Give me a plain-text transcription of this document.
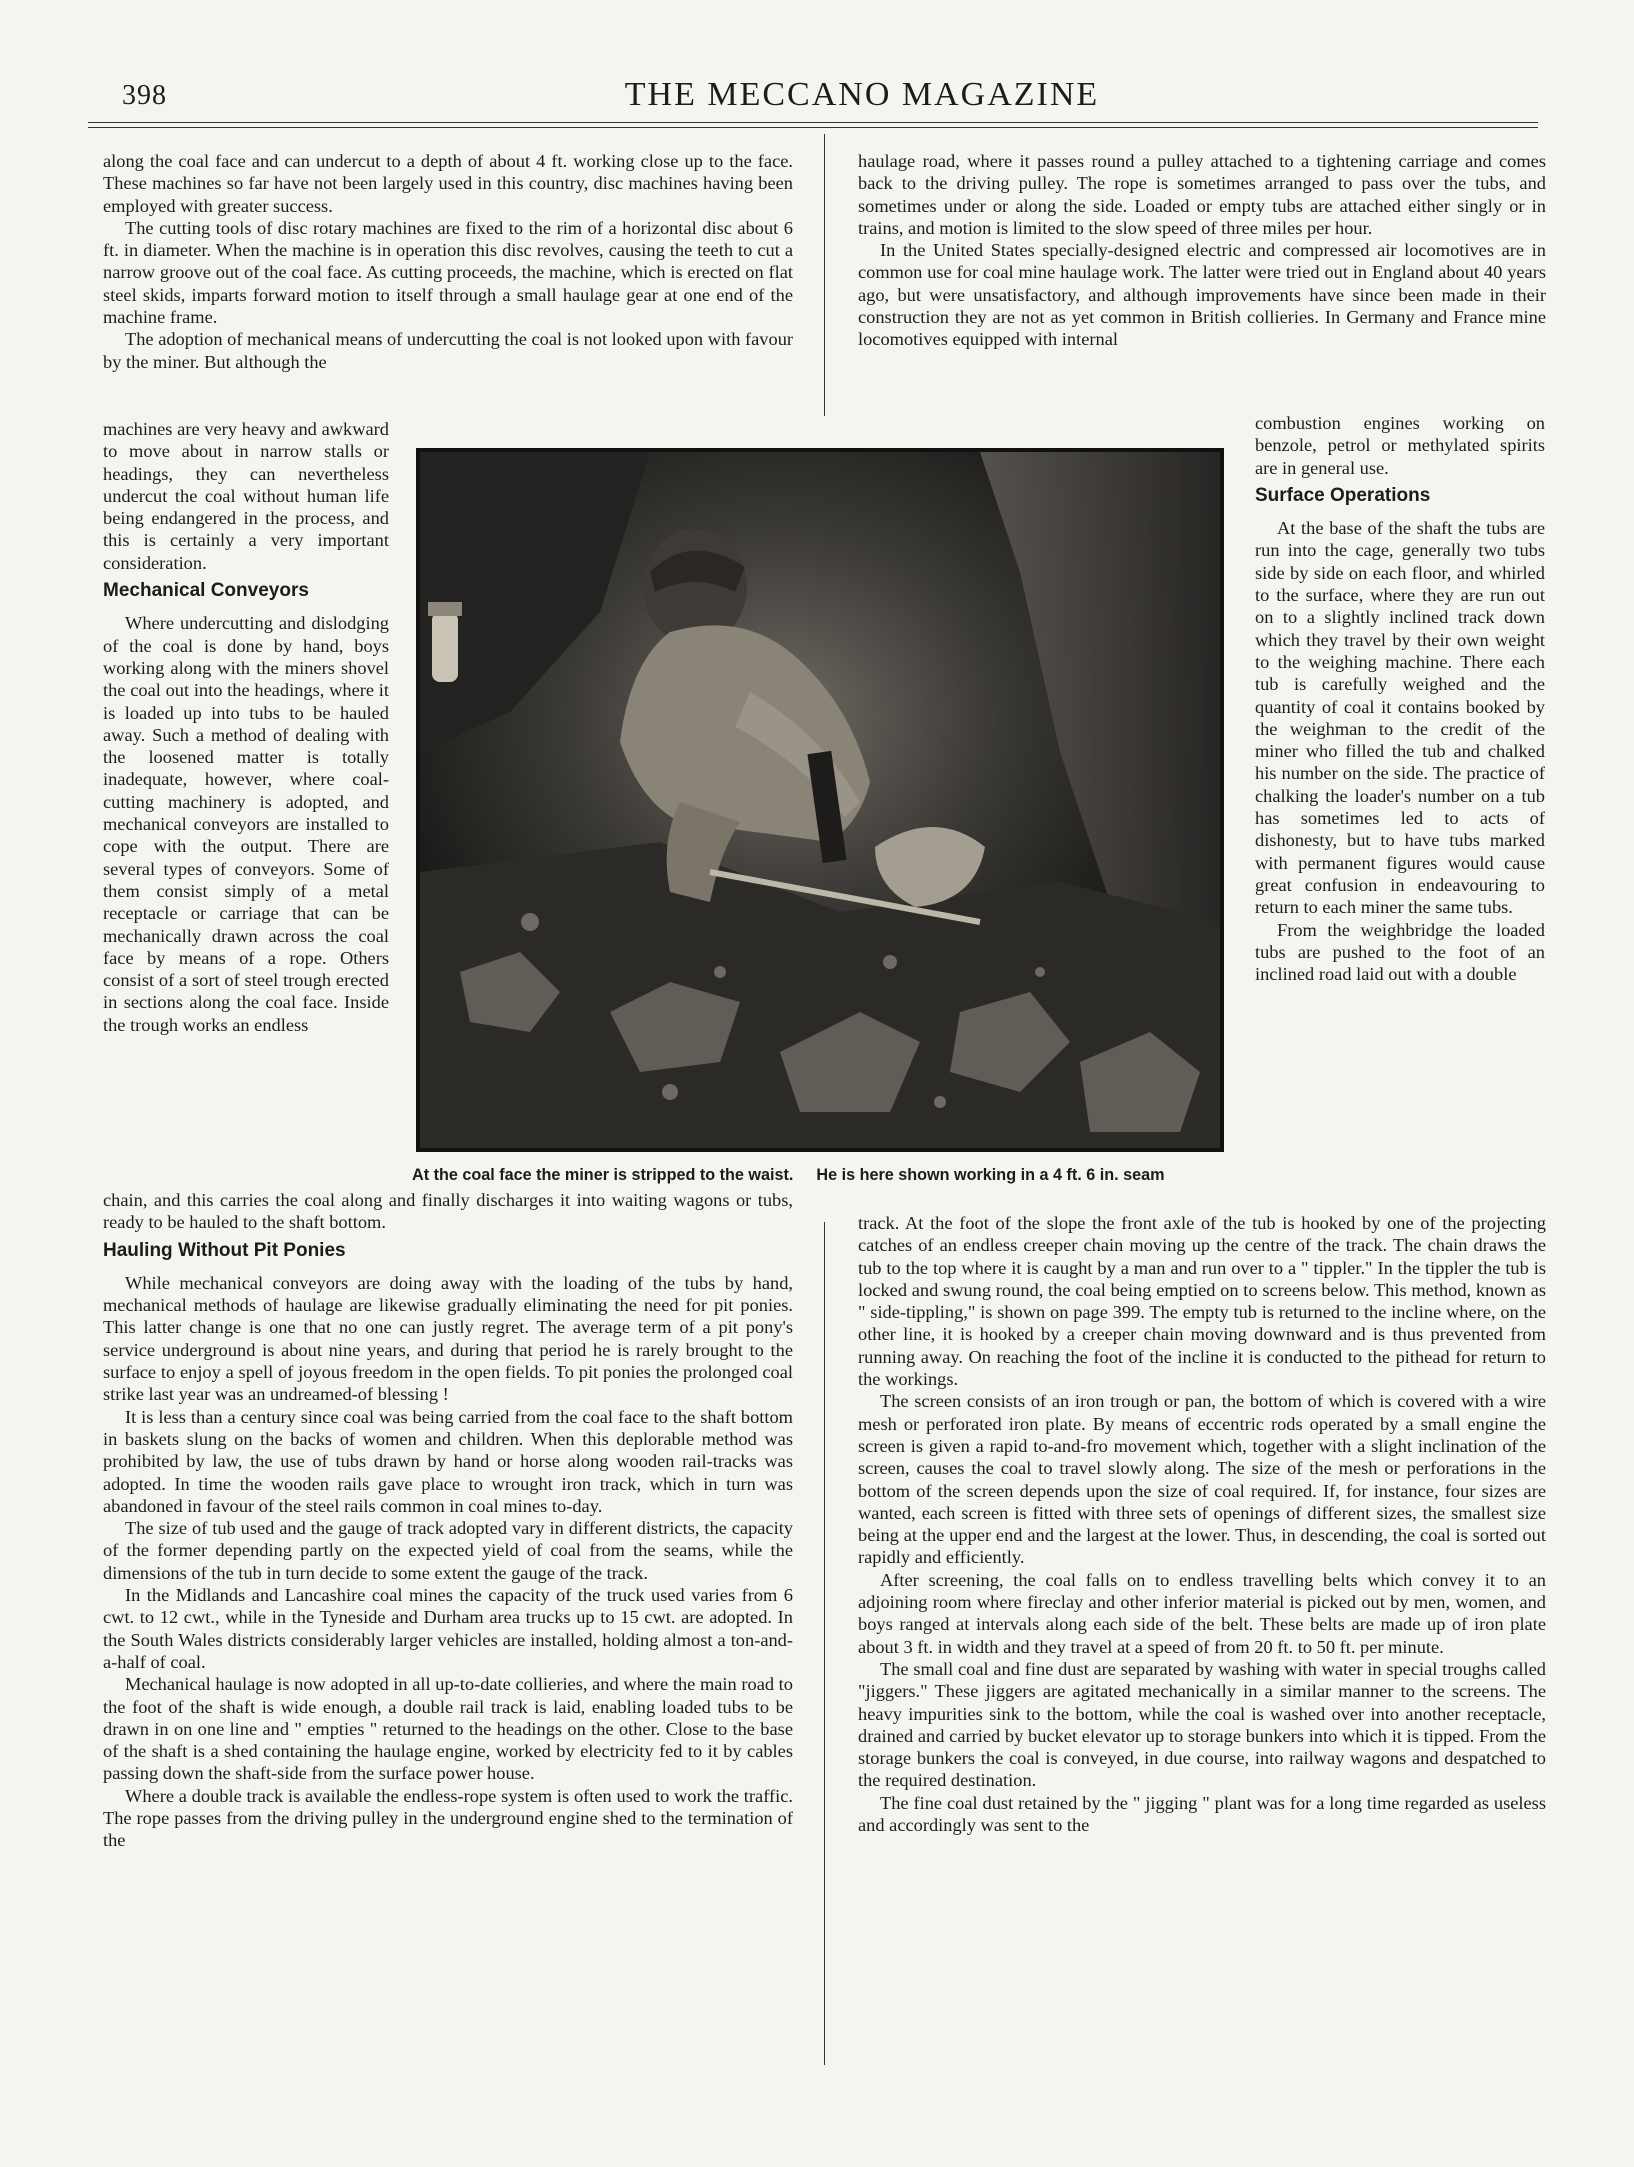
398	THE MECCANO MAGAZINE

along the coal face and can undercut to a depth of about 4 ft. working close up to the face. These machines so far have not been largely used in this country, disc machines having been employed with greater success.

The cutting tools of disc rotary machines are fixed to the rim of a horizontal disc about 6 ft. in diameter. When the machine is in operation this disc revolves, causing the teeth to cut a narrow groove out of the coal face. As cutting proceeds, the machine, which is erected on flat steel skids, imparts forward motion to itself through a small haulage gear at one end of the machine frame.

The adoption of mechanical means of undercutting the coal is not looked upon with favour by the miner. But although the

machines are very heavy and awkward to move about in narrow stalls or headings, they can nevertheless undercut the coal without human life being endangered in the process, and this is certainly a very important consideration.

Mechanical Conveyors

Where undercutting and dislodging of the coal is done by hand, boys working along with the miners shovel the coal out into the headings, where it is loaded up into tubs to be hauled away. Such a method of dealing with the loosened matter is totally inadequate, however, where coal-cutting machinery is adopted, and mechanical conveyors are installed to cope with the output. There are several types of conveyors. Some of them consist simply of a metal receptacle or carriage that can be mechanically drawn across the coal face by means of a rope. Others consist of a sort of steel trough erected in sections along the coal face. Inside the trough works an endless

chain, and this carries the coal along and finally discharges it into waiting wagons or tubs, ready to be hauled to the shaft bottom.

Hauling Without Pit Ponies

While mechanical conveyors are doing away with the loading of the tubs by hand, mechanical methods of haulage are likewise gradually eliminating the need for pit ponies. This latter change is one that no one can justly regret. The average term of a pit pony's service underground is about nine years, and during that period he is rarely brought to the surface to enjoy a spell of joyous freedom in the open fields. To pit ponies the prolonged coal strike last year was an undreamed-of blessing !

It is less than a century since coal was being carried from the coal face to the shaft bottom in baskets slung on the backs of women and children. When this deplorable method was prohibited by law, the use of tubs drawn by hand or horse along wooden rail-tracks was adopted. In time the wooden rails gave place to wrought iron track, which in turn was abandoned in favour of the steel rails common in coal mines to-day.

The size of tub used and the gauge of track adopted vary in different districts, the capacity of the former depending partly on the expected yield of coal from the seams, while the dimensions of the tub in turn decide to some extent the gauge of the track.

In the Midlands and Lancashire coal mines the capacity of the truck used varies from 6 cwt. to 12 cwt., while in the Tyneside and Durham area trucks up to 15 cwt. are adopted. In the South Wales districts considerably larger vehicles are installed, holding almost a ton-and-a-half of coal.

Mechanical haulage is now adopted in all up-to-date collieries, and where the main road to the foot of the shaft is wide enough, a double rail track is laid, enabling loaded tubs to be drawn in on one line and " empties " returned to the headings on the other. Close to the base of the shaft is a shed containing the haulage engine, worked by electricity fed to it by cables passing down the shaft-side from the surface power house.

Where a double track is available the endless-rope system is often used to work the traffic. The rope passes from the driving pulley in the underground engine shed to the termination of the

haulage road, where it passes round a pulley attached to a tightening carriage and comes back to the driving pulley. The rope is sometimes arranged to pass over the tubs, and sometimes under or along the side. Loaded or empty tubs are attached either singly or in trains, and motion is limited to the slow speed of three miles per hour.

In the United States specially-designed electric and compressed air locomotives are in common use for coal mine haulage work. The latter were tried out in England about 40 years ago, but were unsatisfactory, and although improvements have since been made in their construction they are not as yet common in British collieries. In Germany and France mine locomotives equipped with internal

combustion engines working on benzole, petrol or methylated spirits are in general use.

Surface Operations

At the base of the shaft the tubs are run into the cage, generally two tubs side by side on each floor, and whirled to the surface, where they are run out on to a slightly inclined track down which they travel by their own weight to the weighing machine. There each tub is carefully weighed and the quantity of coal it contains booked by the weighman to the credit of the miner who filled the tub and chalked his number on the side. The practice of chalking the loader's number on a tub has sometimes led to acts of dishonesty, but to have tubs marked with permanent figures would cause great confusion in endeavouring to return to each miner the same tubs.

From the weighbridge the loaded tubs are pushed to the foot of an inclined road laid out with a double

track. At the foot of the slope the front axle of the tub is hooked by one of the projecting catches of an endless creeper chain moving up the centre of the track. The chain draws the tub to the top where it is caught by a man and run over to a " tippler." In the tippler the tub is locked and swung round, the coal being emptied on to screens below. This method, known as " side-tippling," is shown on page 399. The empty tub is returned to the incline where, on the other line, it is hooked by a creeper chain moving downward and is thus prevented from running away. On reaching the foot of the incline it is conducted to the pithead for return to the workings.

The screen consists of an iron trough or pan, the bottom of which is covered with a wire mesh or perforated iron plate. By means of eccentric rods operated by a small engine the screen is given a rapid to-and-fro movement which, together with a slight inclination of the screen, causes the coal to travel slowly along. The size of the mesh or perforations in the bottom of the screen depends upon the size of coal required. If, for instance, four sizes are wanted, each screen is fitted with three sets of openings of different sizes, the smallest size being at the upper end and the largest at the lower. Thus, in descending, the coal is sorted out rapidly and efficiently.

After screening, the coal falls on to endless travelling belts which convey it to an adjoining room where fireclay and other inferior material is picked out by men, women, and boys ranged at intervals along each side of the belt. These belts are made up of iron plate about 3 ft. in width and they travel at a speed of from 20 ft. to 50 ft. per minute.

The small coal and fine dust are separated by washing with water in special troughs called "jiggers." These jiggers are agitated mechanically in a similar manner to the screens. The heavy impurities sink to the bottom, while the coal is washed over into another receptacle, drained and carried by bucket elevator up to storage bunkers into which it is tipped. From the storage bunkers the coal is conveyed, in due course, into railway wagons and despatched to the required destination.

The fine coal dust retained by the " jigging " plant was for a long time regarded as useless and accordingly was sent to the

At the coal face the miner is stripped to the waist. He is here shown working in a 4 ft. 6 in. seam
